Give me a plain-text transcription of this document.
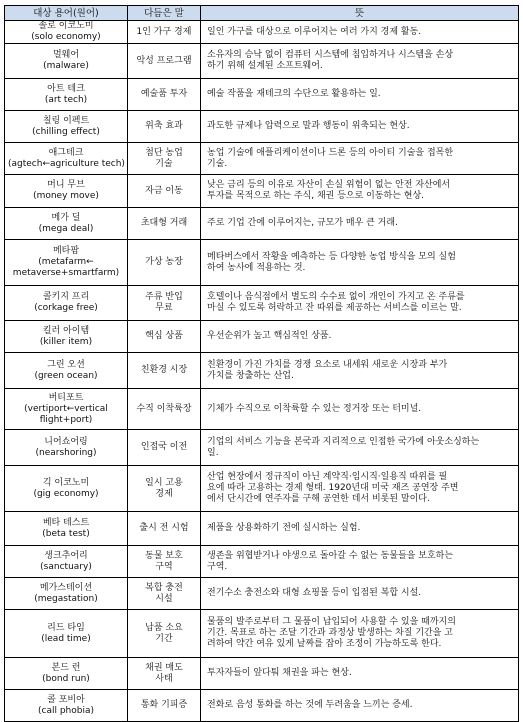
대상 용어(원어)	다듬은 말	뜻

솔로 이코노미
(solo economy)	1인 가구 경제	일인 가구를 대상으로 이루어지는 여러 가지 경제 활동.

멀웨어
(malware)	악성 프로그램	소유자의 승낙 없이 컴퓨터 시스템에 침입하거나 시스템을 손상
하기 위해 설계된 소프트웨어.

아트 테크
(art tech)	예술품 투자	예술 작품을 재테크의 수단으로 활용하는 일.

칠링 이펙트
(chilling effect)	위축 효과	과도한 규제나 압력으로 말과 행동이 위축되는 현상.

애그테크
(agtech←agriculture tech)	첨단 농업
기술	농업 기술에 애플리케이션이나 드론 등의 아이티 기술을 접목한
기술.

머니 무브
(money move)	자금 이동	낮은 금리 등의 이유로 자산이 손실 위험이 없는 안전 자산에서
투자를 목적으로 하는 주식, 채권 등으로 이동하는 현상.

메가 딜
(mega deal)	초대형 거래	주로 기업 간에 이루어지는, 규모가 매우 큰 거래.

메타팜
(metafarm←
metaverse+smartfarm)	가상 농장	메타버스에서 작황을 예측하는 등 다양한 농업 방식을 모의 실험
하여 농사에 적용하는 것.

콜키지 프리
(corkage free)	주류 반입
무료	호텔이나 음식점에서 별도의 수수료 없이 개인이 가지고 온 주류를
마실 수 있도록 허락하고 잔 따위를 제공하는 서비스를 이르는 말.

킬러 아이템
(killer item)	핵심 상품	우선순위가 높고 핵심적인 상품.

그린 오션
(green ocean)	친환경 시장	친환경이 가진 가치를 경쟁 요소로 내세워 새로운 시장과 부가
가치를 창출하는 산업.

버티포트
(vertiport←vertical
flight+port)	수직 이착륙장	기체가 수직으로 이착륙할 수 있는 정거장 또는 터미널.

니어쇼어링
(nearshoring)	인접국 이전	기업의 서비스 기능을 본국과 지리적으로 인접한 국가에 아웃소싱하는
일.

긱 이코노미
(gig economy)	일시 고용
경제	산업 현장에서 정규직이 아닌 계약직·임시직·일용직 따위를 필
요에 따라 고용하는 경제 형태. 1920년대 미국 재즈 공연장 주변
에서 단시간에 연주자를 구해 공연한 데서 비롯된 말이다.

베타 테스트
(beta test)	출시 전 시험	제품을 상용화하기 전에 실시하는 실험.

생크추어리
(sanctuary)	동물 보호
구역	생존을 위협받거나 야생으로 돌아갈 수 없는 동물들을 보호하는
구역.

메가스테이션
(megastation)	복합 충전
시설	전기수소 충전소와 대형 쇼핑몰 등이 입점된 복합 시설.

리드 타임
(lead time)	납품 소요
기간	물품의 발주로부터 그 물품이 납입되어 사용할 수 있을 때까지의
기간. 목표로 하는 조달 기간과 과정상 발생하는 차질 기간을 고
려하여 약간 여유 있게 날짜를 잡아 조정이 가능하도록 한다.

본드 런
(bond run)	채권 매도
사태	투자자들이 앞다퉈 채권을 파는 현상.

콜 포비아
(call phobia)	통화 기피증	전화로 음성 통화를 하는 것에 두려움을 느끼는 증세.
